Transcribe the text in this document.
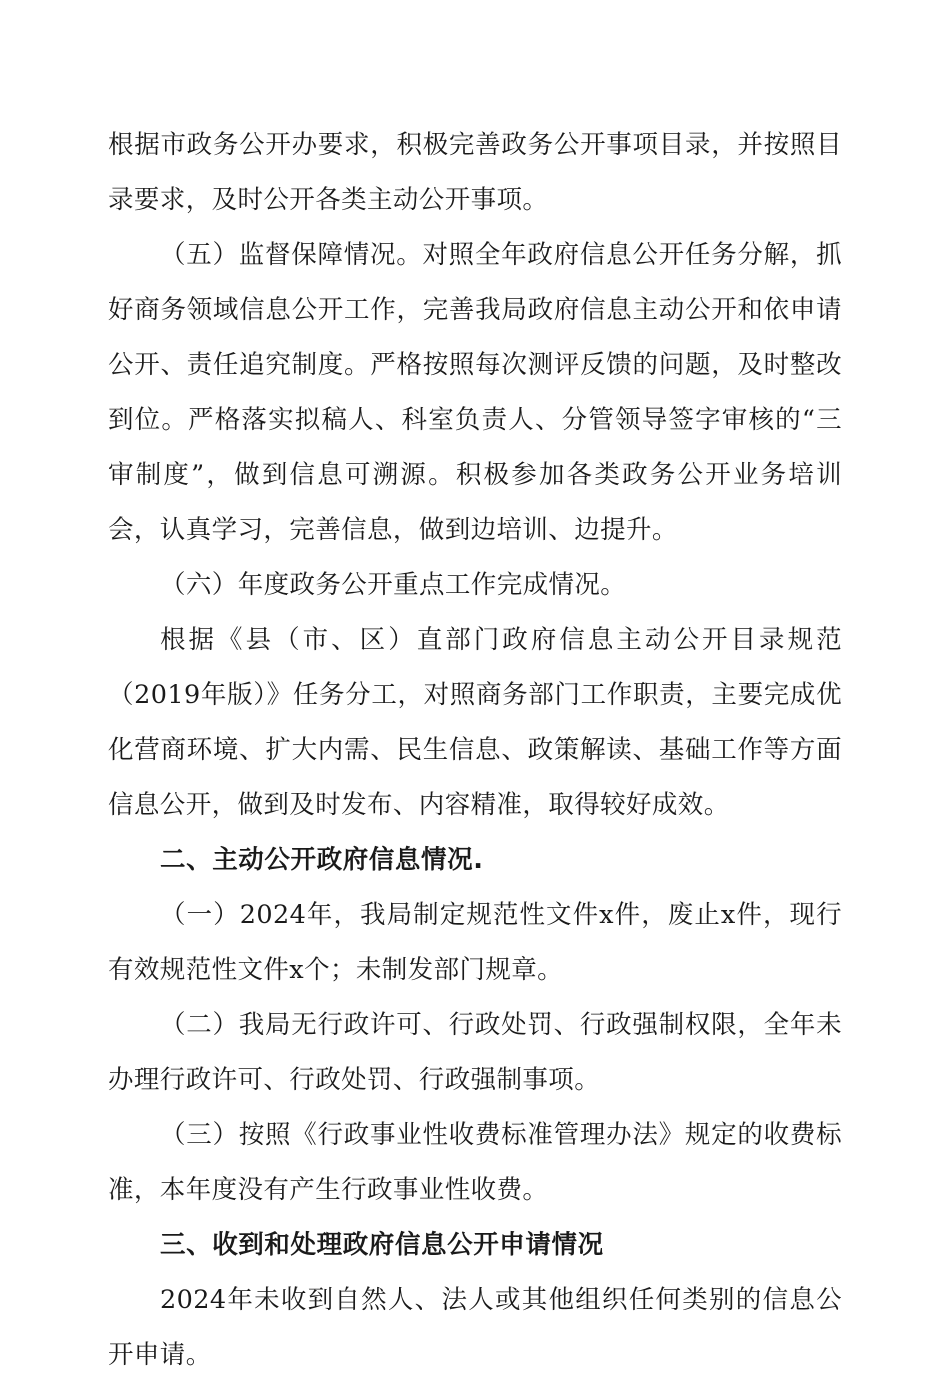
根据市政务公开办要求，积极完善政务公开事项目录，并按照目录要求，及时公开各类主动公开事项。

（五）监督保障情况。对照全年政府信息公开任务分解，抓好商务领域信息公开工作，完善我局政府信息主动公开和依申请公开、责任追究制度。严格按照每次测评反馈的问题，及时整改到位。严格落实拟稿人、科室负责人、分管领导签字审核的“三审制度”，做到信息可溯源。积极参加各类政务公开业务培训会，认真学习，完善信息，做到边培训、边提升。

（六）年度政务公开重点工作完成情况。

根据《县（市、区）直部门政府信息主动公开目录规范（2019年版）》任务分工，对照商务部门工作职责，主要完成优化营商环境、扩大内需、民生信息、政策解读、基础工作等方面信息公开，做到及时发布、内容精准，取得较好成效。

二、主动公开政府信息情况.

（一）2024年，我局制定规范性文件x件，废止x件，现行有效规范性文件x个；未制发部门规章。

（二）我局无行政许可、行政处罚、行政强制权限，全年未办理行政许可、行政处罚、行政强制事项。

（三）按照《行政事业性收费标准管理办法》规定的收费标准，本年度没有产生行政事业性收费。

三、收到和处理政府信息公开申请情况

2024年未收到自然人、法人或其他组织任何类别的信息公开申请。
